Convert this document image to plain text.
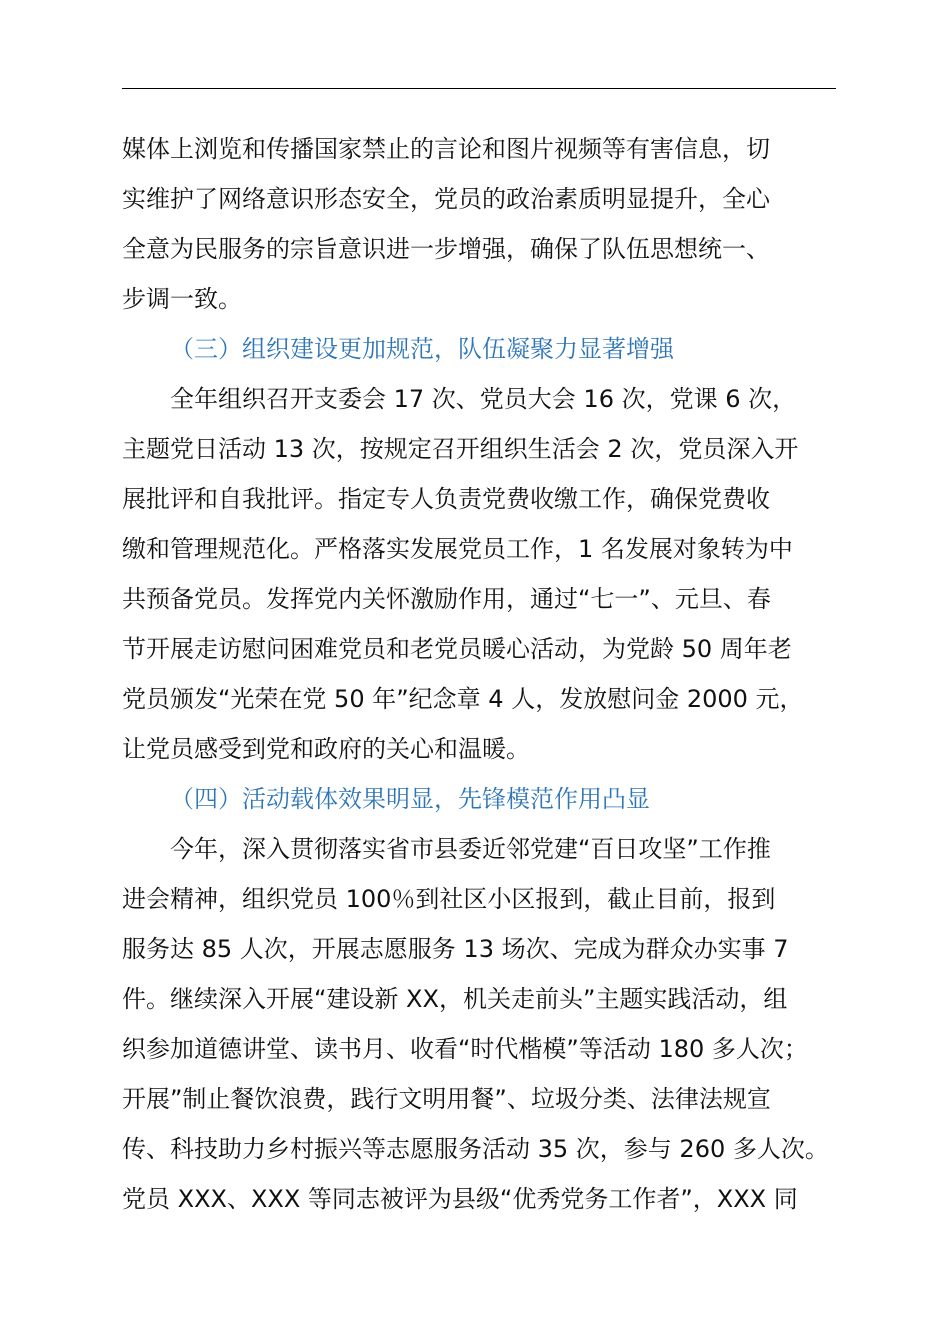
媒体上浏览和传播国家禁止的言论和图片视频等有害信息，切
实维护了网络意识形态安全，党员的政治素质明显提升，全心
全意为民服务的宗旨意识进一步增强，确保了队伍思想统一、
步调一致。
（三）组织建设更加规范，队伍凝聚力显著增强
全年组织召开支委会 17 次、党员大会 16 次，党课 6 次，
主题党日活动 13 次，按规定召开组织生活会 2 次，党员深入开
展批评和自我批评。指定专人负责党费收缴工作，确保党费收
缴和管理规范化。严格落实发展党员工作，1 名发展对象转为中
共预备党员。发挥党内关怀激励作用，通过“七一”、元旦、春
节开展走访慰问困难党员和老党员暖心活动，为党龄 50 周年老
党员颁发“光荣在党 50 年”纪念章 4 人，发放慰问金 2000 元，
让党员感受到党和政府的关心和温暖。
（四）活动载体效果明显，先锋模范作用凸显
今年，深入贯彻落实省市县委近邻党建“百日攻坚”工作推
进会精神，组织党员 100％到社区小区报到，截止目前，报到
服务达 85 人次，开展志愿服务 13 场次、完成为群众办实事 7
件。继续深入开展“建设新 XX，机关走前头”主题实践活动，组
织参加道德讲堂、读书月、收看“时代楷模”等活动 180 多人次；
开展”制止餐饮浪费，践行文明用餐”、垃圾分类、法律法规宣
传、科技助力乡村振兴等志愿服务活动 35 次，参与 260 多人次。
党员 XXX、XXX 等同志被评为县级“优秀党务工作者”，XXX 同
